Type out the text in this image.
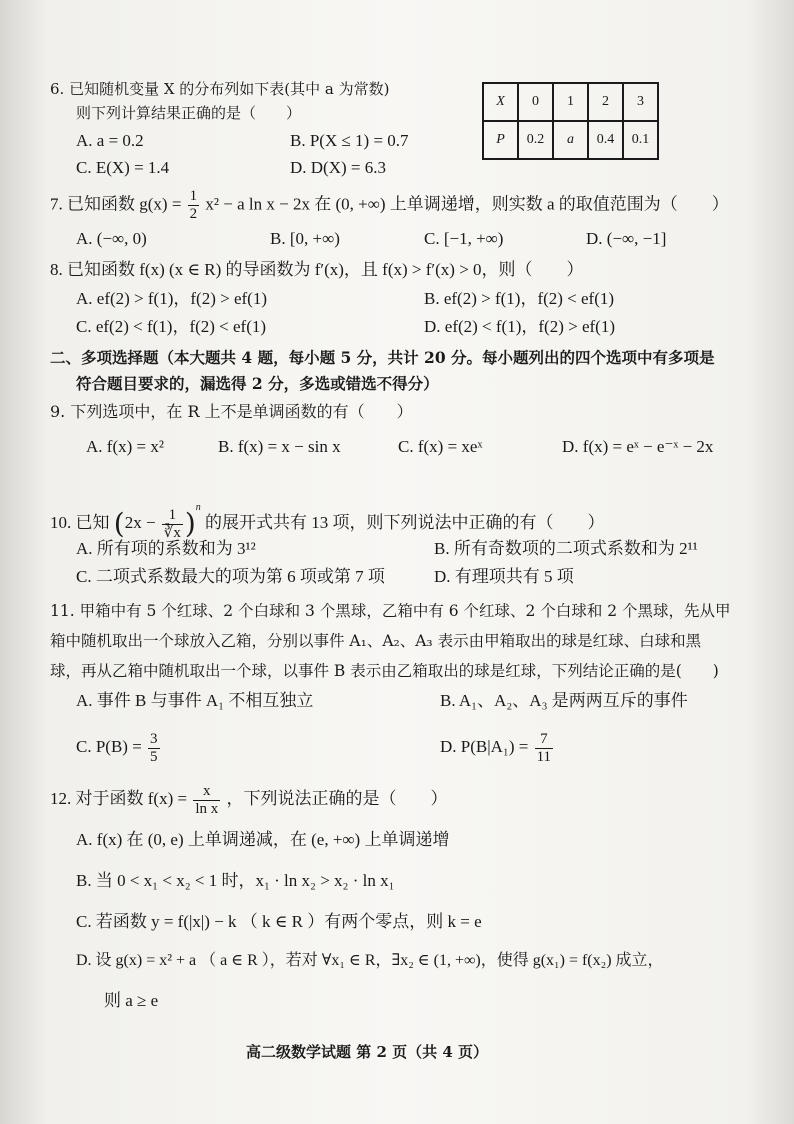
6. 已知随机变量 X 的分布列如下表(其中 a 为常数)
则下列计算结果正确的是（　　）
A. a = 0.2	B. P(X ≤ 1) = 0.7
C. E(X) = 1.4	D. D(X) = 6.3
X	0	1	2	3
P	0.2	a	0.4	0.1
7. 已知函数 $g(x) = \frac{1}{2} x^2 - a$ ln x − 2x 在 (0, +∞) 上单调递增，则实数 a 的取值范围为（　　）
A. (−∞, 0)	B. [0, +∞)	C. [−1, +∞)	D. (−∞, −1]
8. 已知函数 f(x) (x ∈ R) 的导函数为 f′(x)，且 f(x) > f′(x) > 0，则（　　）
A. ef(2) > f(1)，f(2) > ef(1)	B. ef(2) > f(1)，f(2) < ef(1)
C. ef(2) < f(1)，f(2) < ef(1)	D. ef(2) < f(1)，f(2) > ef(1)
二、多项选择题（本大题共 4 题，每小题 5 分，共计 20 分。每小题列出的四个选项中有多项是
符合题目要求的，漏选得 2 分，多选或错选不得分）
9. 下列选项中，在 R 上不是单调函数的有（　　）
A. f(x) = x²	B. f(x) = x − sin x	C. f(x) = xeˣ	D. f(x) = eˣ − e⁻ˣ − 2x
10. 已知 $(2x - \frac{1}{∛x} )^n$ 的展开式共有 13 项，则下列说法中正确的有（　　）
A. 所有项的系数和为 3¹²	B. 所有奇数项的二项式系数和为 2¹¹
C. 二项式系数最大的项为第 6 项或第 7 项	D. 有理项共有 5 项
11. 甲箱中有 5 个红球、2 个白球和 3 个黑球，乙箱中有 6 个红球、2 个白球和 2 个黑球，先从甲
箱中随机取出一个球放入乙箱，分别以事件 A₁、A₂、A₃ 表示由甲箱取出的球是红球、白球和黑
球，再从乙箱中随机取出一个球，以事件 B 表示由乙箱取出的球是红球，下列结论正确的是(　　)
A. 事件 B 与事件 A₁ 不相互独立	B. A₁、A₂、A₃ 是两两互斥的事件
C. $P(B) = \frac{3}{5}$	D. $P(B|A_1) = \frac{7}{11}$
12. 对于函数 $f(x) = \frac{x}{\text{ln x}}$ ，下列说法正确的是（　　）
A. f(x) 在 (0, e) 上单调递减，在 (e, +∞) 上单调递增
B. 当 0 < x₁ < x₂ < 1 时，x₁ · ln x₂ > x₂ · ln x₁
C. 若函数 y = f(|x|) − k （ k ∈ R ）有两个零点，则 k = e
D. 设 g(x) = x² + a （ a ∈ R ），若对 ∀x₁ ∈ R，∃x₂ ∈ (1, +∞)，使得 g(x₁) = f(x₂) 成立，
则 a ≥ e
高二级数学试题 第 2 页（共 4 页）
